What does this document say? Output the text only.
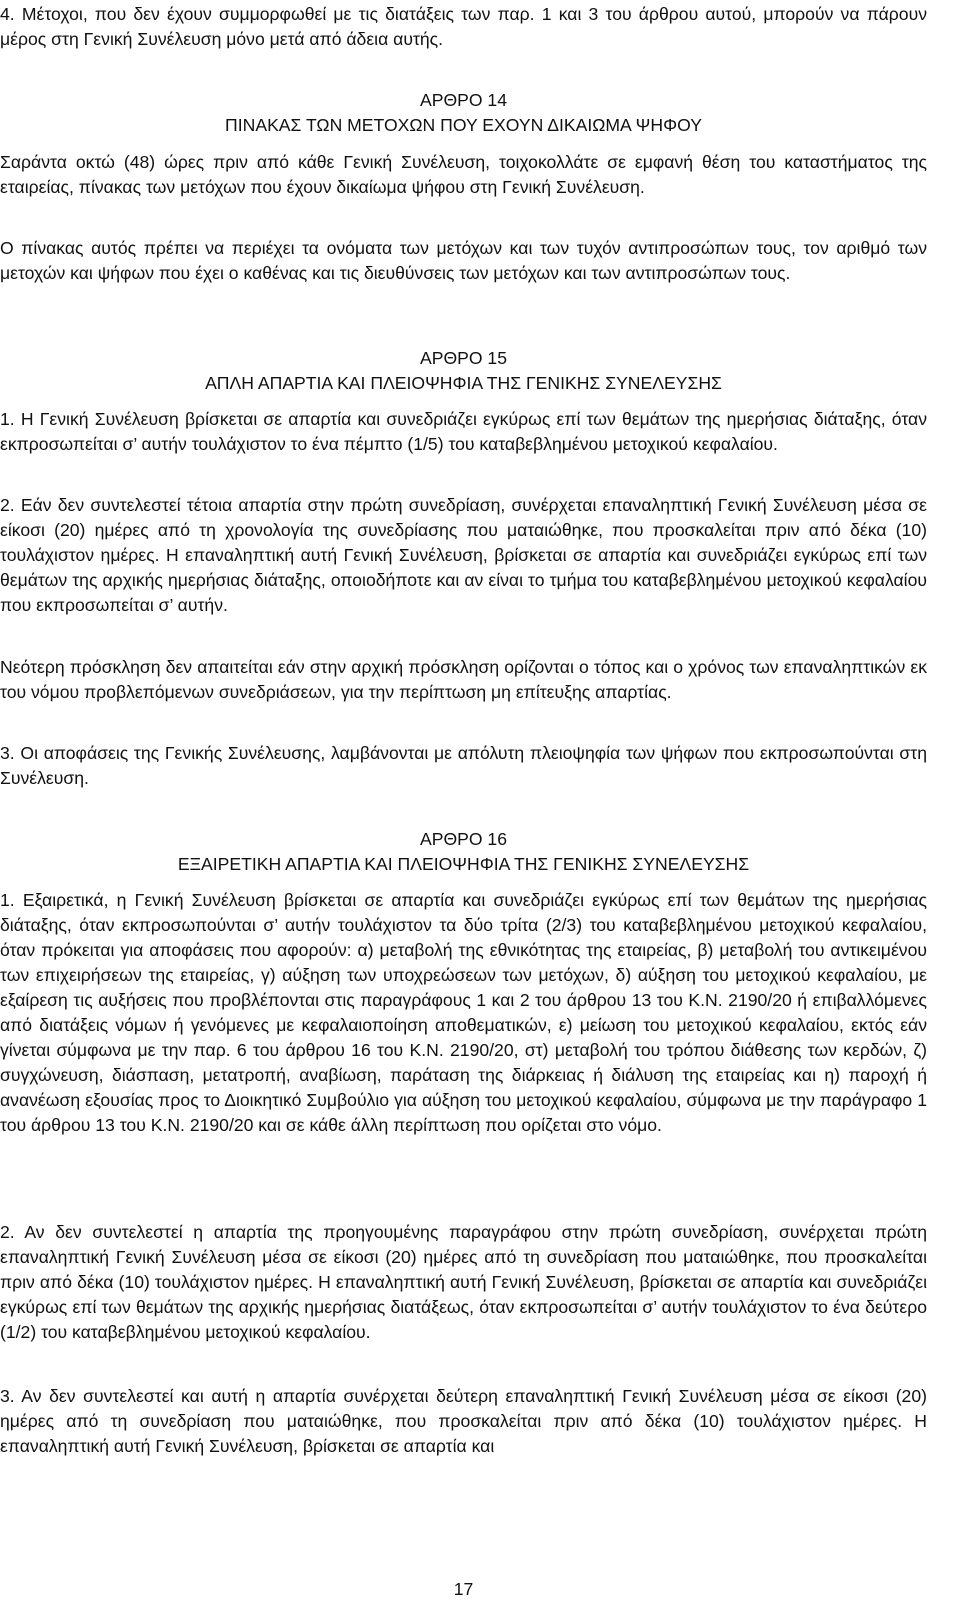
4. Μέτοχοι, που δεν έχουν συμμορφωθεί με τις διατάξεις των παρ. 1 και 3 του άρθρου αυτού, μπορούν να πάρουν μέρος στη Γενική Συνέλευση μόνο μετά από άδεια αυτής.

ΑΡΘΡΟ 14
ΠΙΝΑΚΑΣ ΤΩΝ ΜΕΤΟΧΩΝ ΠΟΥ ΕΧΟΥΝ ΔΙΚΑΙΩΜΑ ΨΗΦΟΥ

Σαράντα οκτώ (48) ώρες πριν από κάθε Γενική Συνέλευση, τοιχοκολλάτε σε εμφανή θέση του καταστήματος της εταιρείας, πίνακας των μετόχων που έχουν δικαίωμα ψήφου στη Γενική Συνέλευση.

Ο πίνακας αυτός πρέπει να περιέχει τα ονόματα των μετόχων και των τυχόν αντιπροσώπων τους, τον αριθμό των μετοχών και ψήφων που έχει ο καθένας και τις διευθύνσεις των μετόχων και των αντιπροσώπων τους.

ΑΡΘΡΟ 15
ΑΠΛΗ ΑΠΑΡΤΙΑ ΚΑΙ ΠΛΕΙΟΨΗΦΙΑ ΤΗΣ ΓΕΝΙΚΗΣ ΣΥΝΕΛΕΥΣΗΣ

1. Η Γενική Συνέλευση βρίσκεται σε απαρτία και συνεδριάζει εγκύρως επί των θεμάτων της ημερήσιας διάταξης, όταν εκπροσωπείται σ’ αυτήν τουλάχιστον το ένα πέμπτο (1/5) του καταβεβλημένου μετοχικού κεφαλαίου.

2. Εάν δεν συντελεστεί τέτοια απαρτία στην πρώτη συνεδρίαση, συνέρχεται επαναληπτική Γενική Συνέλευση μέσα σε είκοσι (20) ημέρες από τη χρονολογία της συνεδρίασης που ματαιώθηκε, που προσκαλείται πριν από δέκα (10) τουλάχιστον ημέρες. Η επαναληπτική αυτή Γενική Συνέλευση, βρίσκεται σε απαρτία και συνεδριάζει εγκύρως επί των θεμάτων της αρχικής ημερήσιας διάταξης, οποιοδήποτε και αν είναι το τμήμα του καταβεβλημένου μετοχικού κεφαλαίου που εκπροσωπείται σ’ αυτήν.

Νεότερη πρόσκληση δεν απαιτείται εάν στην αρχική πρόσκληση ορίζονται ο τόπος και ο χρόνος των επαναληπτικών εκ του νόμου προβλεπόμενων συνεδριάσεων, για την περίπτωση μη επίτευξης απαρτίας.

3. Οι αποφάσεις της Γενικής Συνέλευσης, λαμβάνονται με απόλυτη πλειοψηφία των ψήφων που εκπροσωπούνται στη Συνέλευση.

ΑΡΘΡΟ 16
ΕΞΑΙΡΕΤΙΚΗ ΑΠΑΡΤΙΑ ΚΑΙ ΠΛΕΙΟΨΗΦΙΑ ΤΗΣ ΓΕΝΙΚΗΣ ΣΥΝΕΛΕΥΣΗΣ

1. Εξαιρετικά, η Γενική Συνέλευση βρίσκεται σε απαρτία και συνεδριάζει εγκύρως επί των θεμάτων της ημερήσιας διάταξης, όταν εκπροσωπούνται σ’ αυτήν τουλάχιστον τα δύο τρίτα (2/3) του καταβεβλημένου μετοχικού κεφαλαίου, όταν πρόκειται για αποφάσεις που αφορούν: α) μεταβολή της εθνικότητας της εταιρείας, β) μεταβολή του αντικειμένου των επιχειρήσεων της εταιρείας, γ) αύξηση των υποχρεώσεων των μετόχων, δ) αύξηση του μετοχικού κεφαλαίου, με εξαίρεση τις αυξήσεις που προβλέπονται στις παραγράφους 1 και 2 του άρθρου 13 του Κ.Ν. 2190/20 ή επιβαλλόμενες από διατάξεις νόμων ή γενόμενες με κεφαλαιοποίηση αποθεματικών, ε) μείωση του μετοχικού κεφαλαίου, εκτός εάν γίνεται σύμφωνα με την παρ. 6 του άρθρου 16 του Κ.Ν. 2190/20, στ) μεταβολή του τρόπου διάθεσης των κερδών, ζ) συγχώνευση, διάσπαση, μετατροπή, αναβίωση, παράταση της διάρκειας ή διάλυση της εταιρείας και η) παροχή ή ανανέωση εξουσίας προς το Διοικητικό Συμβούλιο για αύξηση του μετοχικού κεφαλαίου, σύμφωνα με την παράγραφο 1 του άρθρου 13 του Κ.Ν. 2190/20 και σε κάθε άλλη περίπτωση που ορίζεται στο νόμο.

2. Αν δεν συντελεστεί η απαρτία της προηγουμένης παραγράφου στην πρώτη συνεδρίαση, συνέρχεται πρώτη επαναληπτική Γενική Συνέλευση μέσα σε είκοσι (20) ημέρες από τη συνεδρίαση που ματαιώθηκε, που προσκαλείται πριν από δέκα (10) τουλάχιστον ημέρες. Η επαναληπτική αυτή Γενική Συνέλευση, βρίσκεται σε απαρτία και συνεδριάζει εγκύρως επί των θεμάτων της αρχικής ημερήσιας διατάξεως, όταν εκπροσωπείται σ’ αυτήν τουλάχιστον το ένα δεύτερο (1/2) του καταβεβλημένου μετοχικού κεφαλαίου.

3. Αν δεν συντελεστεί και αυτή η απαρτία συνέρχεται δεύτερη επαναληπτική Γενική Συνέλευση μέσα σε είκοσι (20) ημέρες από τη συνεδρίαση που ματαιώθηκε, που προσκαλείται πριν από δέκα (10) τουλάχιστον ημέρες. Η επαναληπτική αυτή Γενική Συνέλευση, βρίσκεται σε απαρτία και

17
